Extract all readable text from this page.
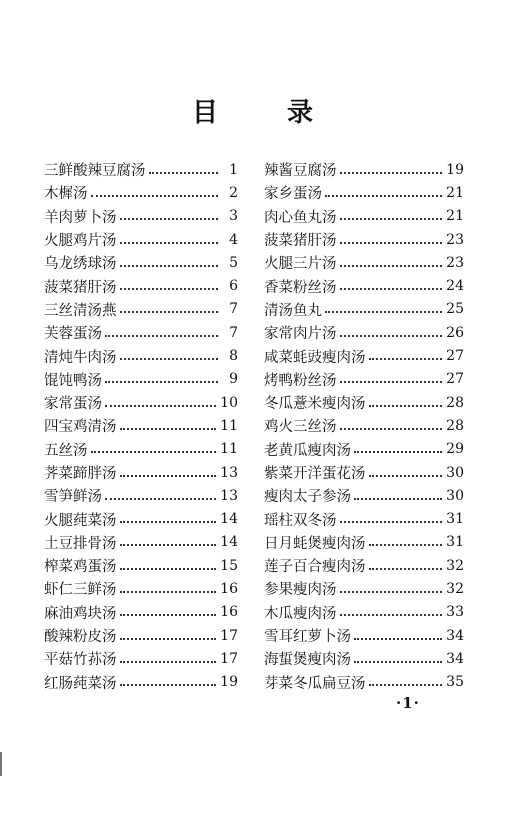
目 录
三鲜酸辣豆腐汤	1
木樨汤	2
羊肉萝卜汤	3
火腿鸡片汤	4
乌龙绣球汤	5
菠菜猪肝汤	6
三丝清汤燕	7
芙蓉蛋汤	7
清炖牛肉汤	8
馄饨鸭汤	9
家常蛋汤	10
四宝鸡清汤	11
五丝汤	11
荠菜蹄胖汤	13
雪笋鲜汤	13
火腿莼菜汤	14
土豆排骨汤	14
榨菜鸡蛋汤	15
虾仁三鲜汤	16
麻油鸡块汤	16
酸辣粉皮汤	17
平菇竹荪汤	17
红肠莼菜汤	19
辣酱豆腐汤	19
家乡蛋汤	21
肉心鱼丸汤	21
菠菜猪肝汤	23
火腿三片汤	23
香菜粉丝汤	24
清汤鱼丸	25
家常肉片汤	26
咸菜蚝豉瘦肉汤	27
烤鸭粉丝汤	27
冬瓜薏米瘦肉汤	28
鸡火三丝汤	28
老黄瓜瘦肉汤	29
紫菜开洋蛋花汤	30
瘦肉太子参汤	30
瑶柱双冬汤	31
日月蚝煲瘦肉汤	31
莲子百合瘦肉汤	32
参果瘦肉汤	32
木瓜瘦肉汤	33
雪耳红萝卜汤	34
海蜇煲瘦肉汤	34
芽菜冬瓜扁豆汤	35
·1·
